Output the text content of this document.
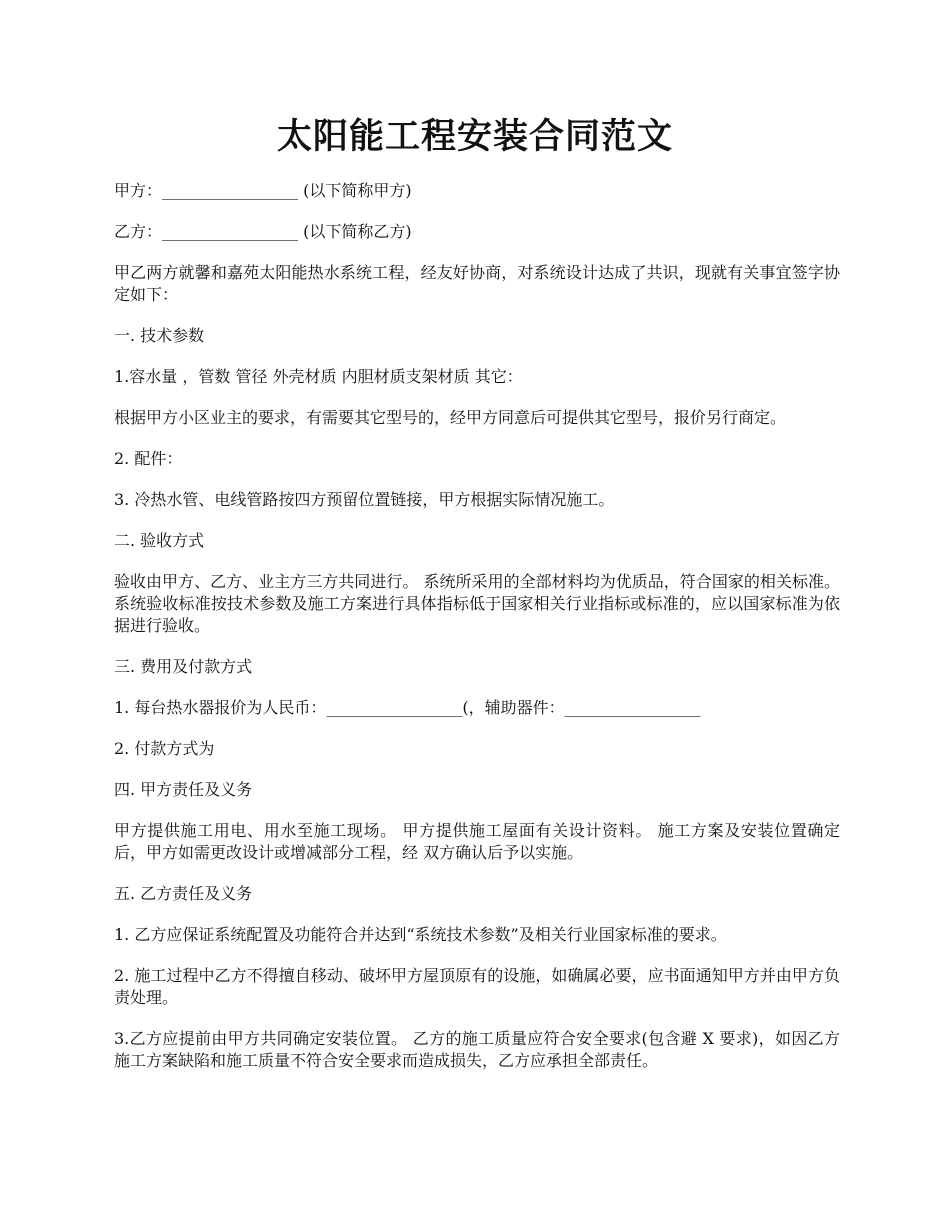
太阳能工程安装合同范文

甲方：_________________ (以下简称甲方)

乙方：_________________ (以下简称乙方)

甲乙两方就馨和嘉苑太阳能热水系统工程，经友好协商，对系统设计达成了共识，现就有关事宜签字协定如下：

一. 技术参数

1.容水量 ，管数 管径 外壳材质 内胆材质支架材质 其它：

根据甲方小区业主的要求，有需要其它型号的，经甲方同意后可提供其它型号，报价另行商定。

2. 配件：

3. 冷热水管、电线管路按四方预留位置链接，甲方根据实际情况施工。

二. 验收方式

验收由甲方、乙方、业主方三方共同进行。 系统所采用的全部材料均为优质品，符合国家的相关标准。 系统验收标准按技术参数及施工方案进行具体指标低于国家相关行业指标或标准的，应以国家标准为依据进行验收。

三. 费用及付款方式

1. 每台热水器报价为人民币：_________________(，辅助器件：_________________

2. 付款方式为

四. 甲方责任及义务

甲方提供施工用电、用水至施工现场。 甲方提供施工屋面有关设计资料。 施工方案及安装位置确定后，甲方如需更改设计或增减部分工程，经 双方确认后予以实施。

五. 乙方责任及义务

1. 乙方应保证系统配置及功能符合并达到“系统技术参数”及相关行业国家标准的要求。

2. 施工过程中乙方不得擅自移动、破坏甲方屋顶原有的设施，如确属必要，应书面通知甲方并由甲方负责处理。

3.乙方应提前由甲方共同确定安装位置。 乙方的施工质量应符合安全要求(包含避 X 要求)，如因乙方施工方案缺陷和施工质量不符合安全要求而造成损失，乙方应承担全部责任。
